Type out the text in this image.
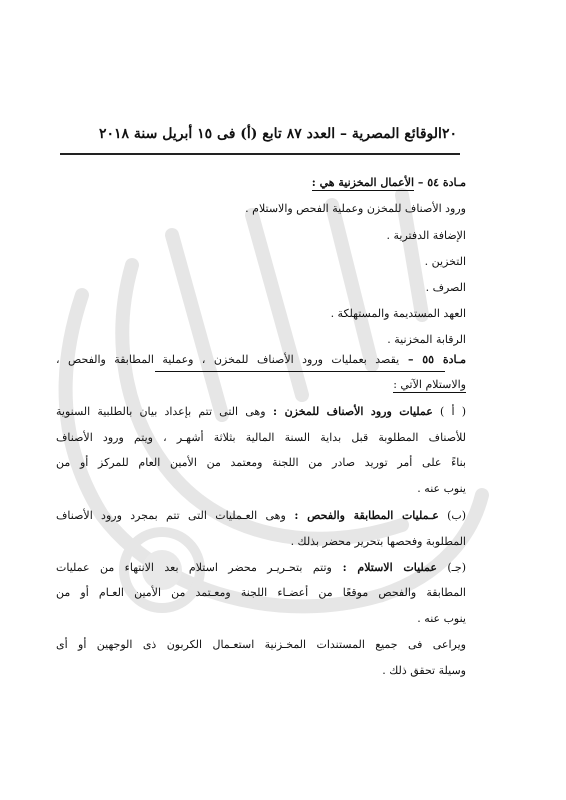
٢٠
الوقائع المصرية – العدد ٨٧ تابع (أ) فى ١٥ أبريل سنة ٢٠١٨
مـادة ٥٤ – الأعمال المخزنية هي :
ورود الأصناف للمخزن وعملية الفحص والاستلام .
الإضافة الدفترية .
التخزين .
الصرف .
العهد المستديمة والمستهلكة .
الرقابة المخزنية .
مـادة ٥٥ – يقصد بعمليات ورود الأصناف للمخزن ، وعملية المطابقة والفحص ،
والاستلام الآتي :
( أ ) عمليات ورود الأصناف للمخزن : وهى التى تتم بإعداد بيان بالطلبية السنوية
للأصناف المطلوبة قبل بداية السنة المالية بثلاثة أشهـر ، ويتم ورود الأصناف
بناءً على أمر توريد صادر من اللجنة ومعتمد من الأمين العام للمركز أو من
ينوب عنه .
(ب) عـمليات المطابقة والفحص : وهى العـمليات التى تتم بمجرد ورود الأصناف
المطلوبة وفحصها بتحرير محضر بذلك .
(جـ) عمليات الاستلام : وتتم بتحـريـر محضر استلام بعد الانتهاء من عمليات
المطابقة والفحص موقعًا من أعضـاء اللجنة ومعـتمد من الأمين العـام أو من
ينوب عنه .
ويراعى فى جميع المستندات المخـزنية استعـمال الكربون ذى الوجهين أو أى
وسيلة تحقق ذلك .
